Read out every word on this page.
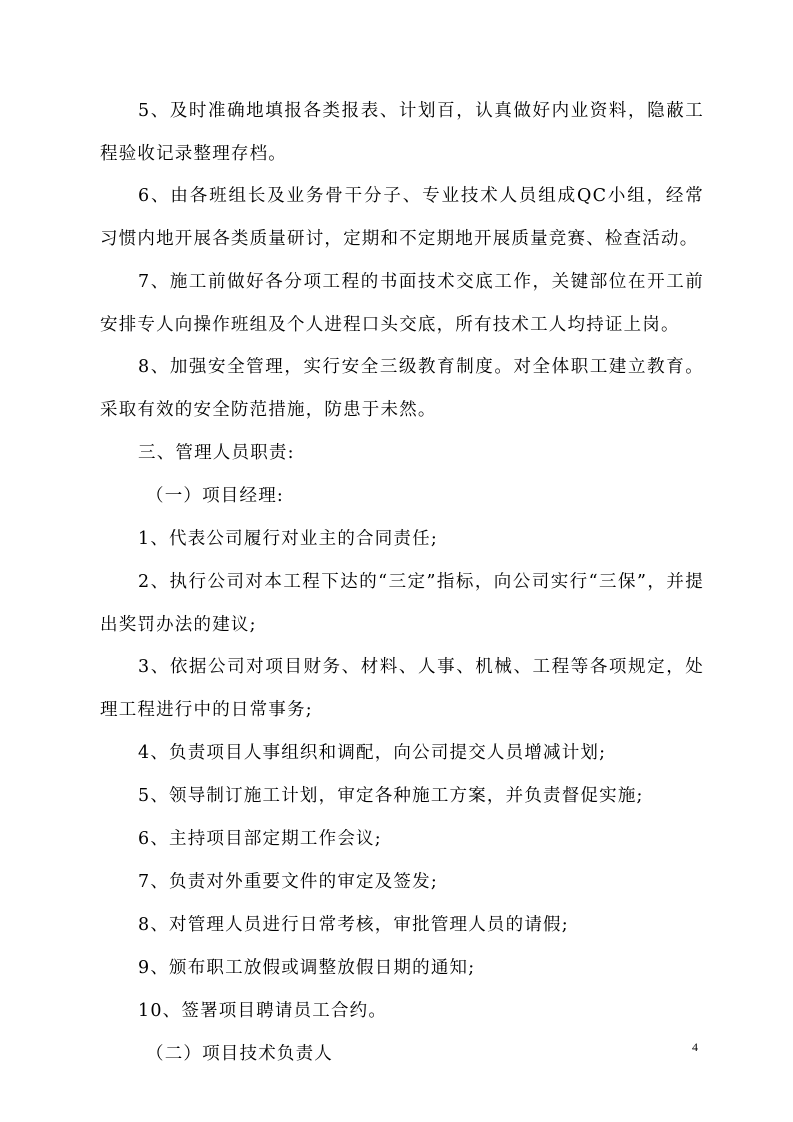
5、及时准确地填报各类报表、计划百，认真做好内业资料，隐蔽工程验收记录整理存档。

6、由各班组长及业务骨干分子、专业技术人员组成QC小组，经常习惯内地开展各类质量研讨，定期和不定期地开展质量竞赛、检查活动。

7、施工前做好各分项工程的书面技术交底工作，关键部位在开工前安排专人向操作班组及个人进程口头交底，所有技术工人均持证上岗。

8、加强安全管理，实行安全三级教育制度。对全体职工建立教育。采取有效的安全防范措施，防患于未然。

三、管理人员职责:

（一）项目经理:

1、代表公司履行对业主的合同责任;

2、执行公司对本工程下达的“三定”指标，向公司实行“三保”，并提出奖罚办法的建议;

3、依据公司对项目财务、材料、人事、机械、工程等各项规定，处理工程进行中的日常事务;

4、负责项目人事组织和调配，向公司提交人员增减计划;

5、领导制订施工计划，审定各种施工方案，并负责督促实施;

6、主持项目部定期工作会议;

7、负责对外重要文件的审定及签发;

8、对管理人员进行日常考核，审批管理人员的请假;

9、颁布职工放假或调整放假日期的通知;

10、签署项目聘请员工合约。

（二）项目技术负责人	4
